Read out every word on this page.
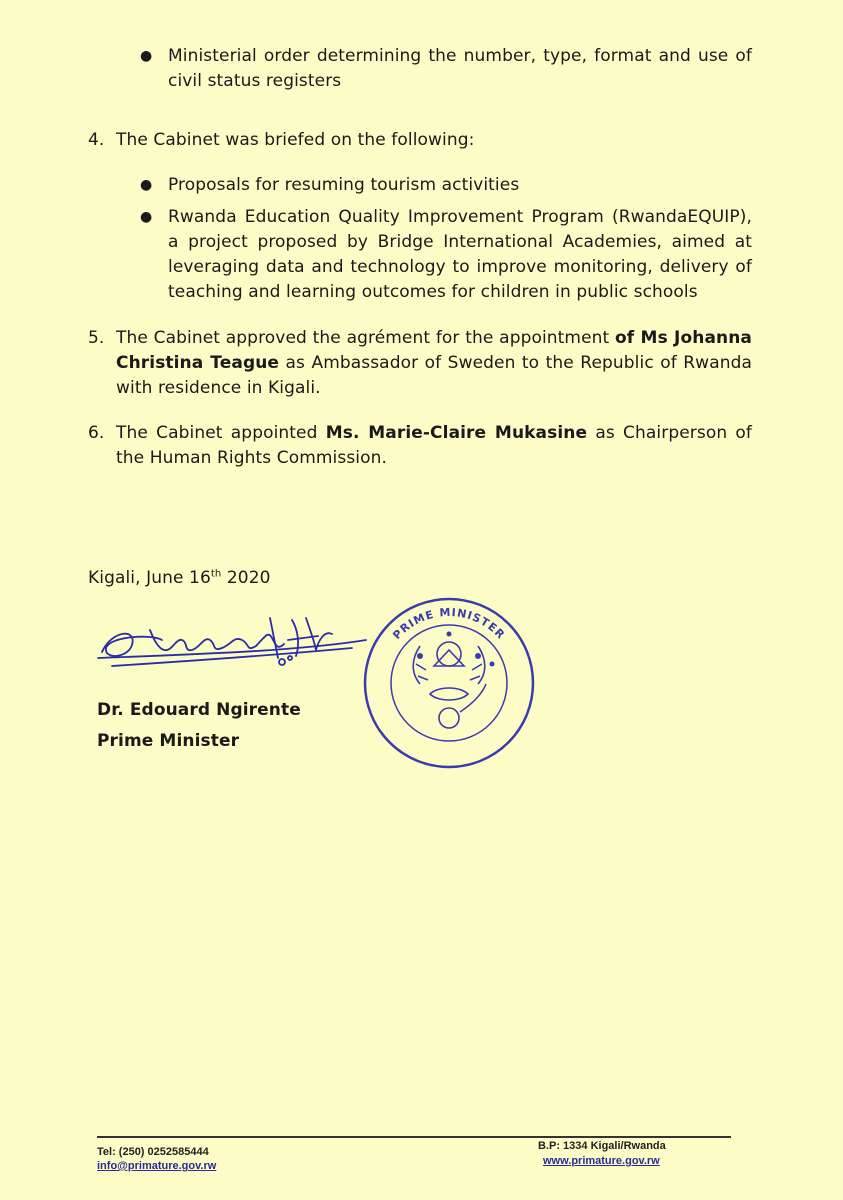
● Ministerial order determining the number, type, format and use of civil status registers
4. The Cabinet was briefed on the following:
● Proposals for resuming tourism activities
● Rwanda Education Quality Improvement Program (RwandaEQUIP), a project proposed by Bridge International Academies, aimed at leveraging data and technology to improve monitoring, delivery of teaching and learning outcomes for children in public schools
5. The Cabinet approved the agrément for the appointment of Ms Johanna Christina Teague as Ambassador of Sweden to the Republic of Rwanda with residence in Kigali.
6. The Cabinet appointed Ms. Marie-Claire Mukasine as Chairperson of the Human Rights Commission.
Kigali, June 16th 2020
Dr. Edouard Ngirente
Prime Minister
PRIME MINISTER
Tel: (250) 0252585444
info@primature.gov.rw
B.P: 1334 Kigali/Rwanda
www.primature.gov.rw
